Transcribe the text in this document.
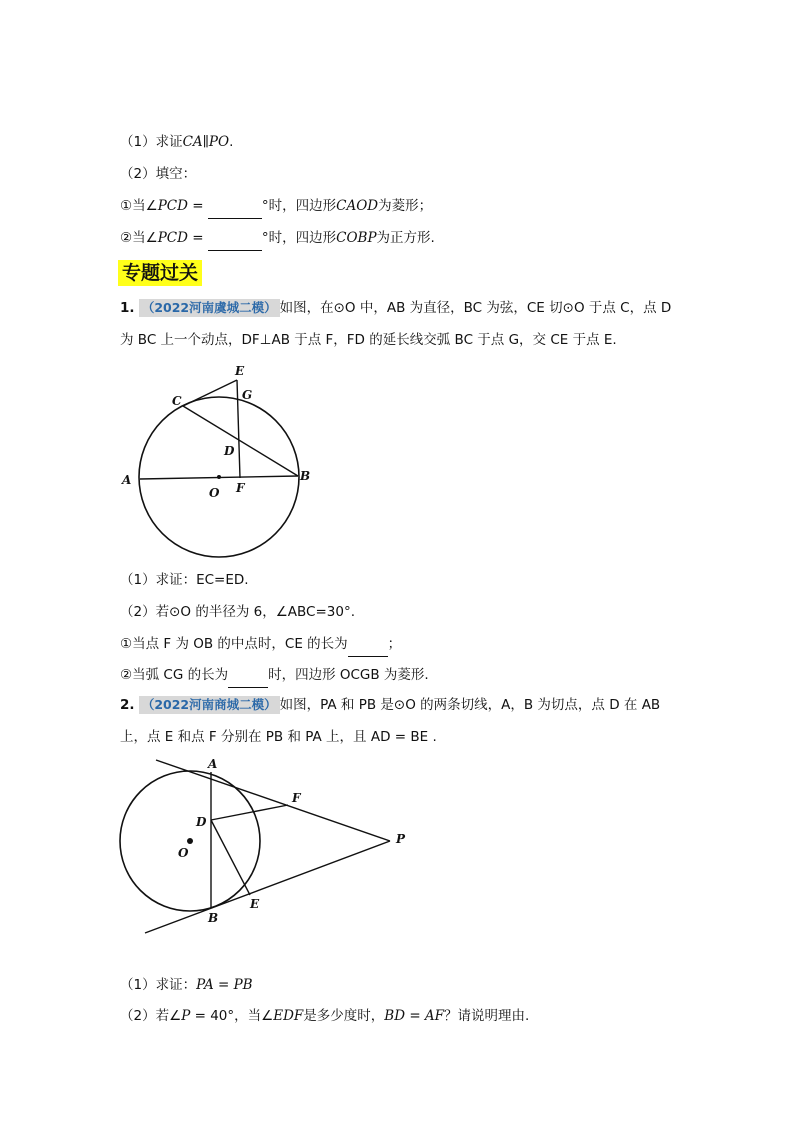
（1）求证CA∥PO.
（2）填空：
①当∠PCD =	°时，四边形CAOD为菱形；
②当∠PCD =	°时，四边形COBP为正方形.
专题过关
1. （2022河南虞城二模） 如图，在⊙O 中，AB 为直径，BC 为弦，CE 切⊙O 于点 C，点 D
为 BC 上一个动点，DF⊥AB 于点 F，FD 的延长线交弧 BC 于点 G，交 CE 于点 E.
E
G
C
D
A
O F
B
（1）求证：EC=ED.
（2）若⊙O 的半径为 6，∠ABC=30°.
①当点 F 为 OB 的中点时，CE 的长为	；
②当弧 CG 的长为	时，四边形 OCGB 为菱形.
2. （2022河南商城二模） 如图，PA 和 PB 是⊙O 的两条切线，A，B 为切点，点 D 在 AB
上，点 E 和点 F 分别在 PB 和 PA 上，且 AD = BE .
A
F
D
O
P
B
E
（1）求证：PA = PB
（2）若∠P = 40°，当∠EDF是多少度时，BD = AF？请说明理由.
